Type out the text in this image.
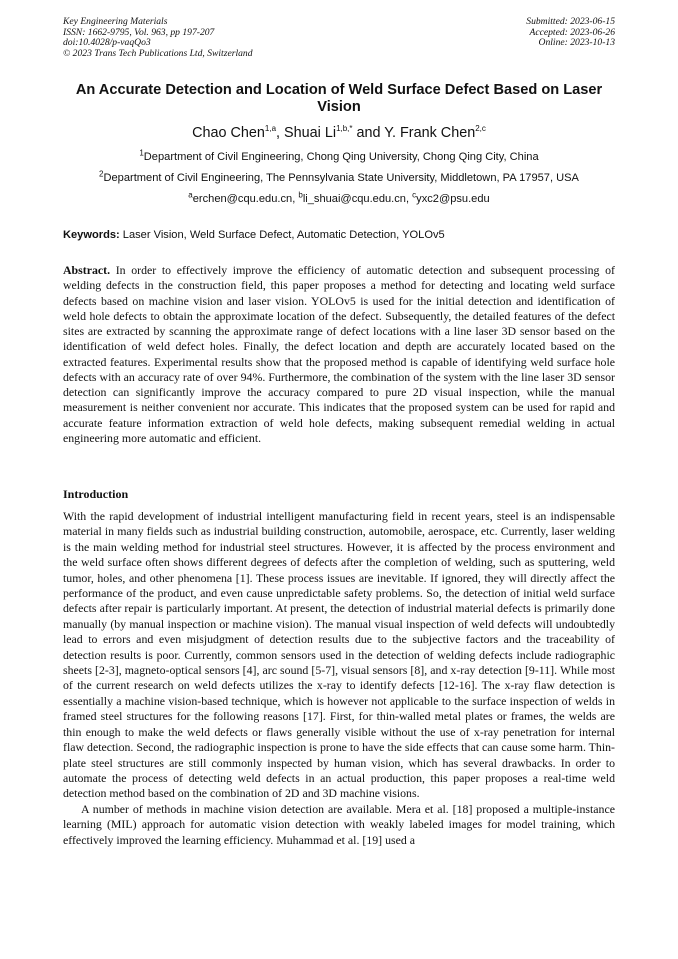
Key Engineering Materials
ISSN: 1662-9795, Vol. 963, pp 197-207
doi:10.4028/p-vaqQo3
© 2023 Trans Tech Publications Ltd, Switzerland
Submitted: 2023-06-15
Accepted: 2023-06-26
Online: 2023-10-13
An Accurate Detection and Location of Weld Surface Defect Based on Laser Vision
Chao Chen$^{1,a}$, Shuai $Li^{1,b,*}$ and Y. Frank Chen$^{2,c}$
$^1$Department of Civil Engineering, Chong Qing University, Chong Qing City, China
$^2$Department of Civil Engineering, The Pennsylvania State University, Middletown, PA 17957, USA
$^a$erchen@cqu.edu.cn, $^b$li_shuai@cqu.edu.cn, $^c$yxc2@psu.edu
Keywords: Laser Vision, Weld Surface Defect, Automatic Detection, YOLOv5
Abstract. In order to effectively improve the efficiency of automatic detection and subsequent processing of welding defects in the construction field, this paper proposes a method for detecting and locating weld surface defects based on machine vision and laser vision. YOLOv5 is used for the initial detection and identification of weld hole defects to obtain the approximate location of the defect. Subsequently, the detailed features of the defect sites are extracted by scanning the approximate range of defect locations with a line laser 3D sensor based on the identification of weld defect holes. Finally, the defect location and depth are accurately located based on the extracted features. Experimental results show that the proposed method is capable of identifying weld surface hole defects with an accuracy rate of over 94%. Furthermore, the combination of the system with the line laser 3D sensor detection can significantly improve the accuracy compared to pure 2D visual inspection, while the manual measurement is neither convenient nor accurate. This indicates that the proposed system can be used for rapid and accurate feature information extraction of weld hole defects, making subsequent remedial welding in actual engineering more automatic and efficient.
Introduction

With the rapid development of industrial intelligent manufacturing field in recent years, steel is an indispensable material in many fields such as industrial building construction, automobile, aerospace, etc. Currently, laser welding is the main welding method for industrial steel structures. However, it is affected by the process environment and the weld surface often shows different degrees of defects after the completion of welding, such as sputtering, weld tumor, holes, and other phenomena [1]. These process issues are inevitable. If ignored, they will directly affect the performance of the product, and even cause unpredictable safety problems. So, the detection of initial weld surface defects after repair is particularly important. At present, the detection of industrial material defects is primarily done manually (by manual inspection or machine vision). The manual visual inspection of weld defects will undoubtedly lead to errors and even misjudgment of detection results due to the subjective factors and the traceability of detection results is poor. Currently, common sensors used in the detection of welding defects include radiographic sheets [2-3], magneto-optical sensors [4], arc sound [5-7], visual sensors [8], and x-ray detection [9-11]. While most of the current research on weld defects utilizes the x-ray to identify defects [12-16]. The x-ray flaw detection is essentially a machine vision-based technique, which is however not applicable to the surface inspection of welds in framed steel structures for the following reasons [17]. First, for thin-walled metal plates or frames, the welds are thin enough to make the weld defects or flaws generally visible without the use of x-ray penetration for internal flaw detection. Second, the radiographic inspection is prone to have the side effects that can cause some harm. Thin-plate steel structures are still commonly inspected by human vision, which has several drawbacks. In order to automate the process of detecting weld defects in an actual production, this paper proposes a real-time weld detection method based on the combination of 2D and 3D machine visions.

A number of methods in machine vision detection are available. Mera et al. [18] proposed a multiple-instance learning (MIL) approach for automatic vision detection with weakly labeled images for model training, which effectively improved the learning efficiency. Muhammad et al. [19] used a
